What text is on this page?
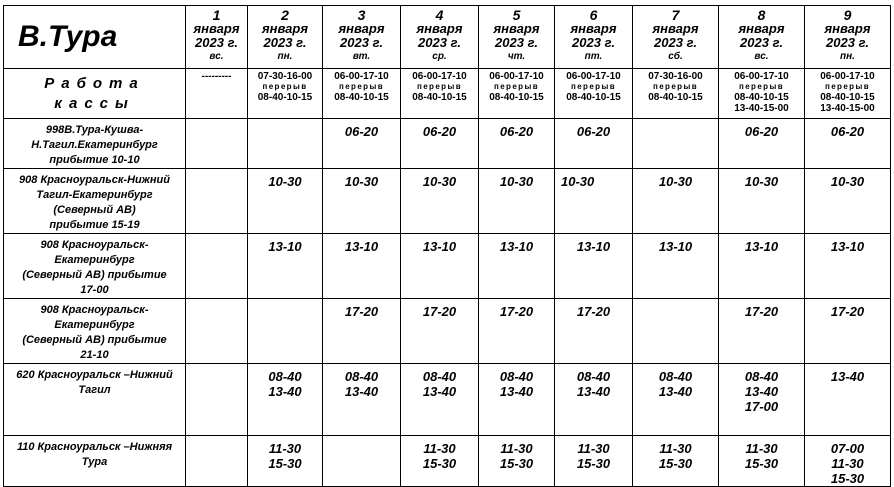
В.Тура	1
января
2023 г.
вс.	2
января
2023 г.
пн.	3
января
2023 г.
вт.	4
января
2023 г.
ср.	5
января
2023 г.
чт.	6
января
2023 г.
пт.	7
января
2023 г.
сб.	8
января
2023 г.
вс.	9
января
2023 г.
пн.

Работа
кассы	---------	07-30-16-00
перерыв
08-40-10-15	06-00-17-10
перерыв
08-40-10-15	06-00-17-10
перерыв
08-40-10-15	06-00-17-10
перерыв
08-40-10-15	06-00-17-10
перерыв
08-40-10-15	07-30-16-00
перерыв
08-40-10-15	06-00-17-10
перерыв
08-40-10-15
13-40-15-00	06-00-17-10
перерыв
08-40-10-15
13-40-15-00

998В.Тура-Кушва-
Н.Тагил.Екатеринбург
прибытие 10-10			06-20	06-20	06-20	06-20		06-20	06-20

908 Красноуральск-Нижний
Тагил-Екатеринбург
(Северный АВ)
прибытие 15-19		10-30	10-30	10-30	10-30	10-30	10-30	10-30	10-30

908 Красноуральск-
Екатеринбург
(Северный АВ) прибытие
17-00		13-10	13-10	13-10	13-10	13-10	13-10	13-10	13-10

908 Красноуральск-
Екатеринбург
(Северный АВ) прибытие
21-10			17-20	17-20	17-20	17-20		17-20	17-20

620 Красноуральск –Нижний
Тагил		08-40
13-40	08-40
13-40	08-40
13-40	08-40
13-40	08-40
13-40	08-40
13-40	08-40
13-40
17-00	13-40

110 Красноуральск –Нижняя
Тура		11-30
15-30		11-30
15-30	11-30
15-30	11-30
15-30	11-30
15-30	11-30
15-30	07-00
11-30
15-30
